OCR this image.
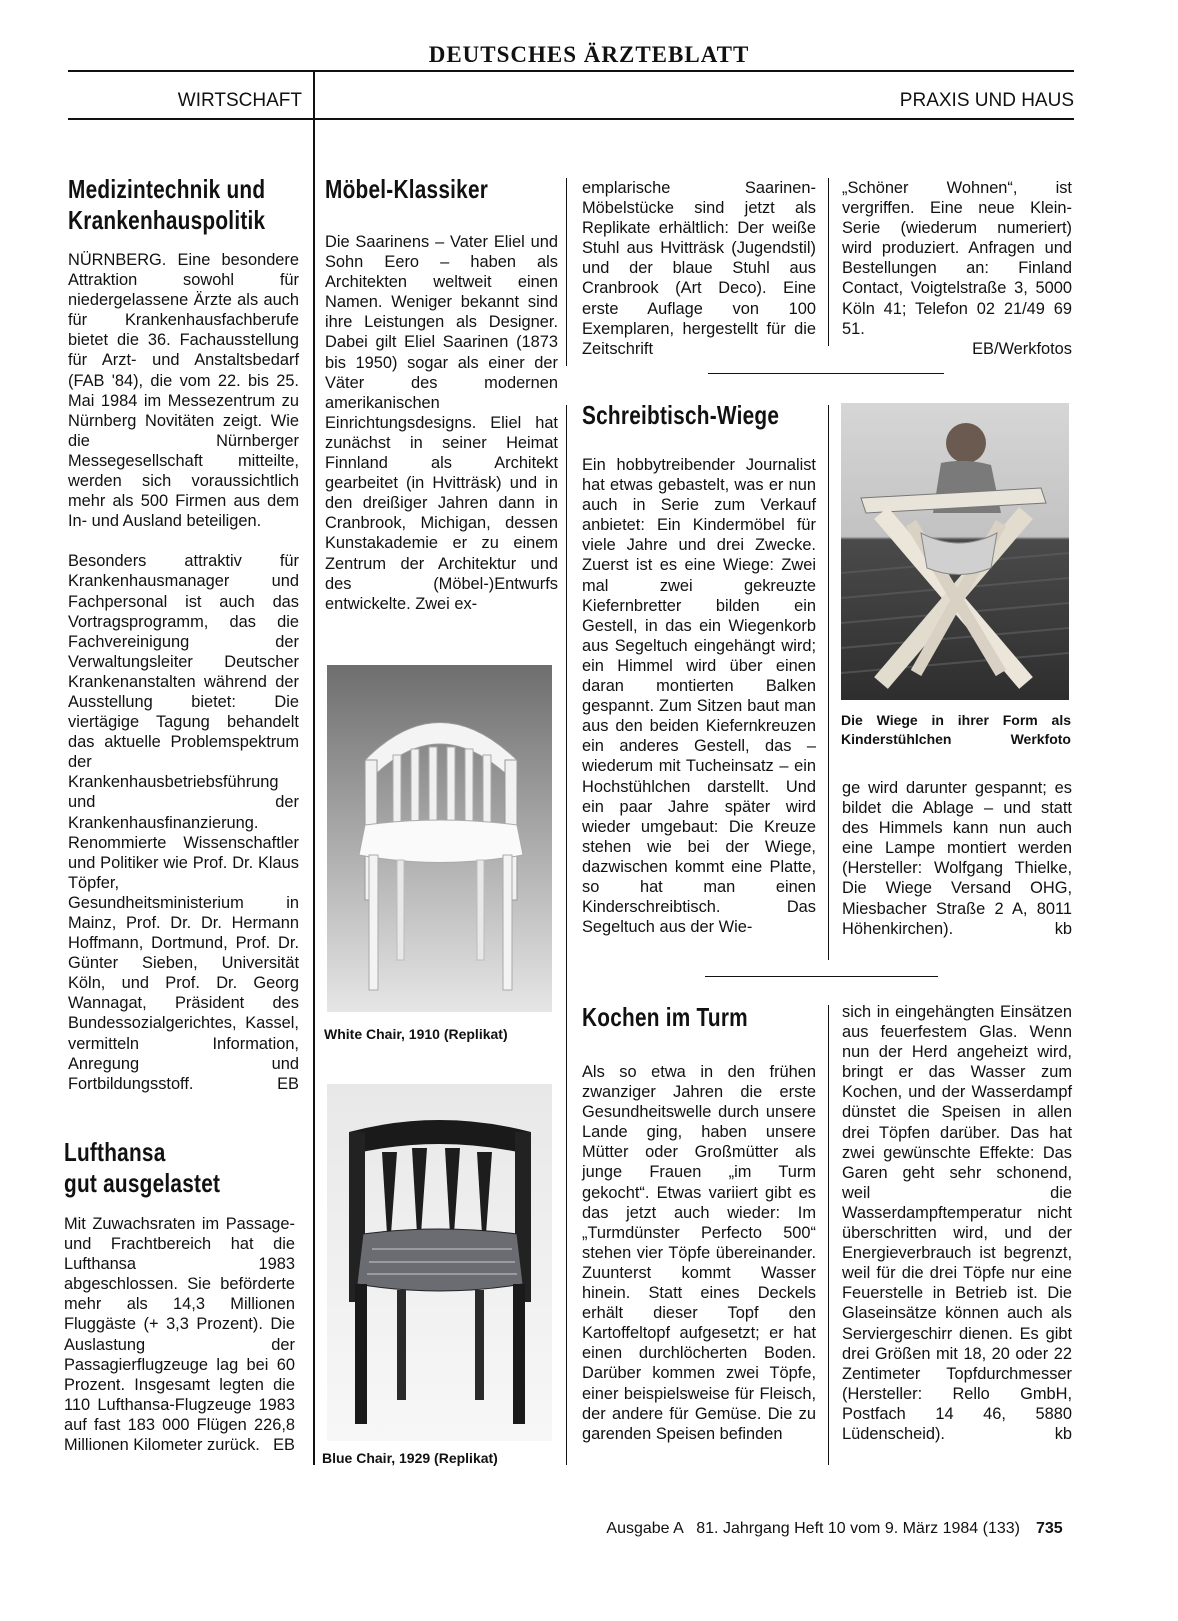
DEUTSCHES ÄRZTEBLATT
WIRTSCHAFT	PRAXIS UND HAUS
Medizintechnik und
Krankenhauspolitik

NÜRNBERG. Eine besondere Attraktion sowohl für niedergelassene Ärzte als auch für Krankenhausfachberufe bietet die 36. Fachausstellung für Arzt- und Anstaltsbedarf (FAB '84), die vom 22. bis 25. Mai 1984 im Messezentrum zu Nürnberg Novitäten zeigt. Wie die Nürnberger Messegesellschaft mitteilte, werden sich voraussichtlich mehr als 500 Firmen aus dem In- und Ausland beteiligen.

Besonders attraktiv für Krankenhausmanager und Fachpersonal ist auch das Vortragsprogramm, das die Fachvereinigung der Verwaltungsleiter Deutscher Krankenanstalten während der Ausstellung bietet: Die viertägige Tagung behandelt das aktuelle Problemspektrum der Krankenhausbetriebsführung und der Krankenhausfinanzierung. Renommierte Wissenschaftler und Politiker wie Prof. Dr. Klaus Töpfer, Gesundheitsministerium in Mainz, Prof. Dr. Dr. Hermann Hoffmann, Dortmund, Prof. Dr. Günter Sieben, Universität Köln, und Prof. Dr. Georg Wannagat, Präsident des Bundessozialgerichtes, Kassel, vermitteln Information, Anregung und Fortbildungsstoff.	EB
Lufthansa
gut ausgelastet

Mit Zuwachsraten im Passage- und Frachtbereich hat die Lufthansa 1983 abgeschlossen. Sie beförderte mehr als 14,3 Millionen Fluggäste (+ 3,3 Prozent). Die Auslastung der Passagierflugzeuge lag bei 60 Prozent. Insgesamt legten die 110 Lufthansa-Flugzeuge 1983 auf fast 183 000 Flügen 226,8 Millionen Kilometer zurück. EB
Möbel-Klassiker

Die Saarinens – Vater Eliel und Sohn Eero – haben als Architekten weltweit einen Namen. Weniger bekannt sind ihre Leistungen als Designer. Dabei gilt Eliel Saarinen (1873 bis 1950) sogar als einer der Väter des modernen amerikanischen Einrichtungsdesigns. Eliel hat zunächst in seiner Heimat Finnland als Architekt gearbeitet (in Hvitträsk) und in den dreißiger Jahren dann in Cranbrook, Michigan, dessen Kunstakademie er zu einem Zentrum der Architektur und des (Möbel-)Entwurfs entwickelte. Zwei ex-

White Chair, 1910 (Replikat)
Blue Chair, 1929 (Replikat)

emplarische Saarinen-Möbelstücke sind jetzt als Replikate erhältlich: Der weiße Stuhl aus Hvitträsk (Jugendstil) und der blaue Stuhl aus Cranbrook (Art Deco). Eine erste Auflage von 100 Exemplaren, hergestellt für die Zeitschrift

„Schöner Wohnen“, ist vergriffen. Eine neue Klein-Serie (wiederum numeriert) wird produziert. Anfragen und Bestellungen an: Finland Contact, Voigtelstraße 3, 5000 Köln 41; Telefon 02 21/49 69 51.

EB/Werkfotos
Schreibtisch-Wiege

Ein hobbytreibender Journalist hat etwas gebastelt, was er nun auch in Serie zum Verkauf anbietet: Ein Kindermöbel für viele Jahre und drei Zwecke. Zuerst ist es eine Wiege: Zwei mal zwei gekreuzte Kiefernbretter bilden ein Gestell, in das ein Wiegenkorb aus Segeltuch eingehängt wird; ein Himmel wird über einen daran montierten Balken gespannt. Zum Sitzen baut man aus den beiden Kiefernkreuzen ein anderes Gestell, das – wiederum mit Tucheinsatz – ein Hochstühlchen darstellt. Und ein paar Jahre später wird wieder umgebaut: Die Kreuze stehen wie bei der Wiege, dazwischen kommt eine Platte, so hat man einen Kinderschreibtisch. Das Segeltuch aus der Wie-

Die Wiege in ihrer Form als
Kinderstühlchen	Werkfoto

ge wird darunter gespannt; es bildet die Ablage – und statt des Himmels kann nun auch eine Lampe montiert werden (Hersteller: Wolfgang Thielke, Die Wiege Versand OHG, Miesbacher Straße 2 A, 8011 Höhenkirchen).	kb
Kochen im Turm

Als so etwa in den frühen zwanziger Jahren die erste Gesundheitswelle durch unsere Lande ging, haben unsere Mütter oder Großmütter als junge Frauen „im Turm gekocht“. Etwas variiert gibt es das jetzt auch wieder: Im „Turmdünster Perfecto 500“ stehen vier Töpfe übereinander. Zuunterst kommt Wasser hinein. Statt eines Deckels erhält dieser Topf den Kartoffeltopf aufgesetzt; er hat einen durchlöcherten Boden. Darüber kommen zwei Töpfe, einer beispielsweise für Fleisch, der andere für Gemüse. Die zu garenden Speisen befinden

sich in eingehängten Einsätzen aus feuerfestem Glas. Wenn nun der Herd angeheizt wird, bringt er das Wasser zum Kochen, und der Wasserdampf dünstet die Speisen in allen drei Töpfen darüber. Das hat zwei gewünschte Effekte: Das Garen geht sehr schonend, weil die Wasserdampftemperatur nicht überschritten wird, und der Energieverbrauch ist begrenzt, weil für die drei Töpfe nur eine Feuerstelle in Betrieb ist. Die Glaseinsätze können auch als Serviergeschirr dienen. Es gibt drei Größen mit 18, 20 oder 22 Zentimeter Topfdurchmesser (Hersteller: Rello GmbH, Postfach 14 46, 5880 Lüdenscheid).	kb
Ausgabe A   81. Jahrgang Heft 10 vom 9. März 1984 (133) 735
